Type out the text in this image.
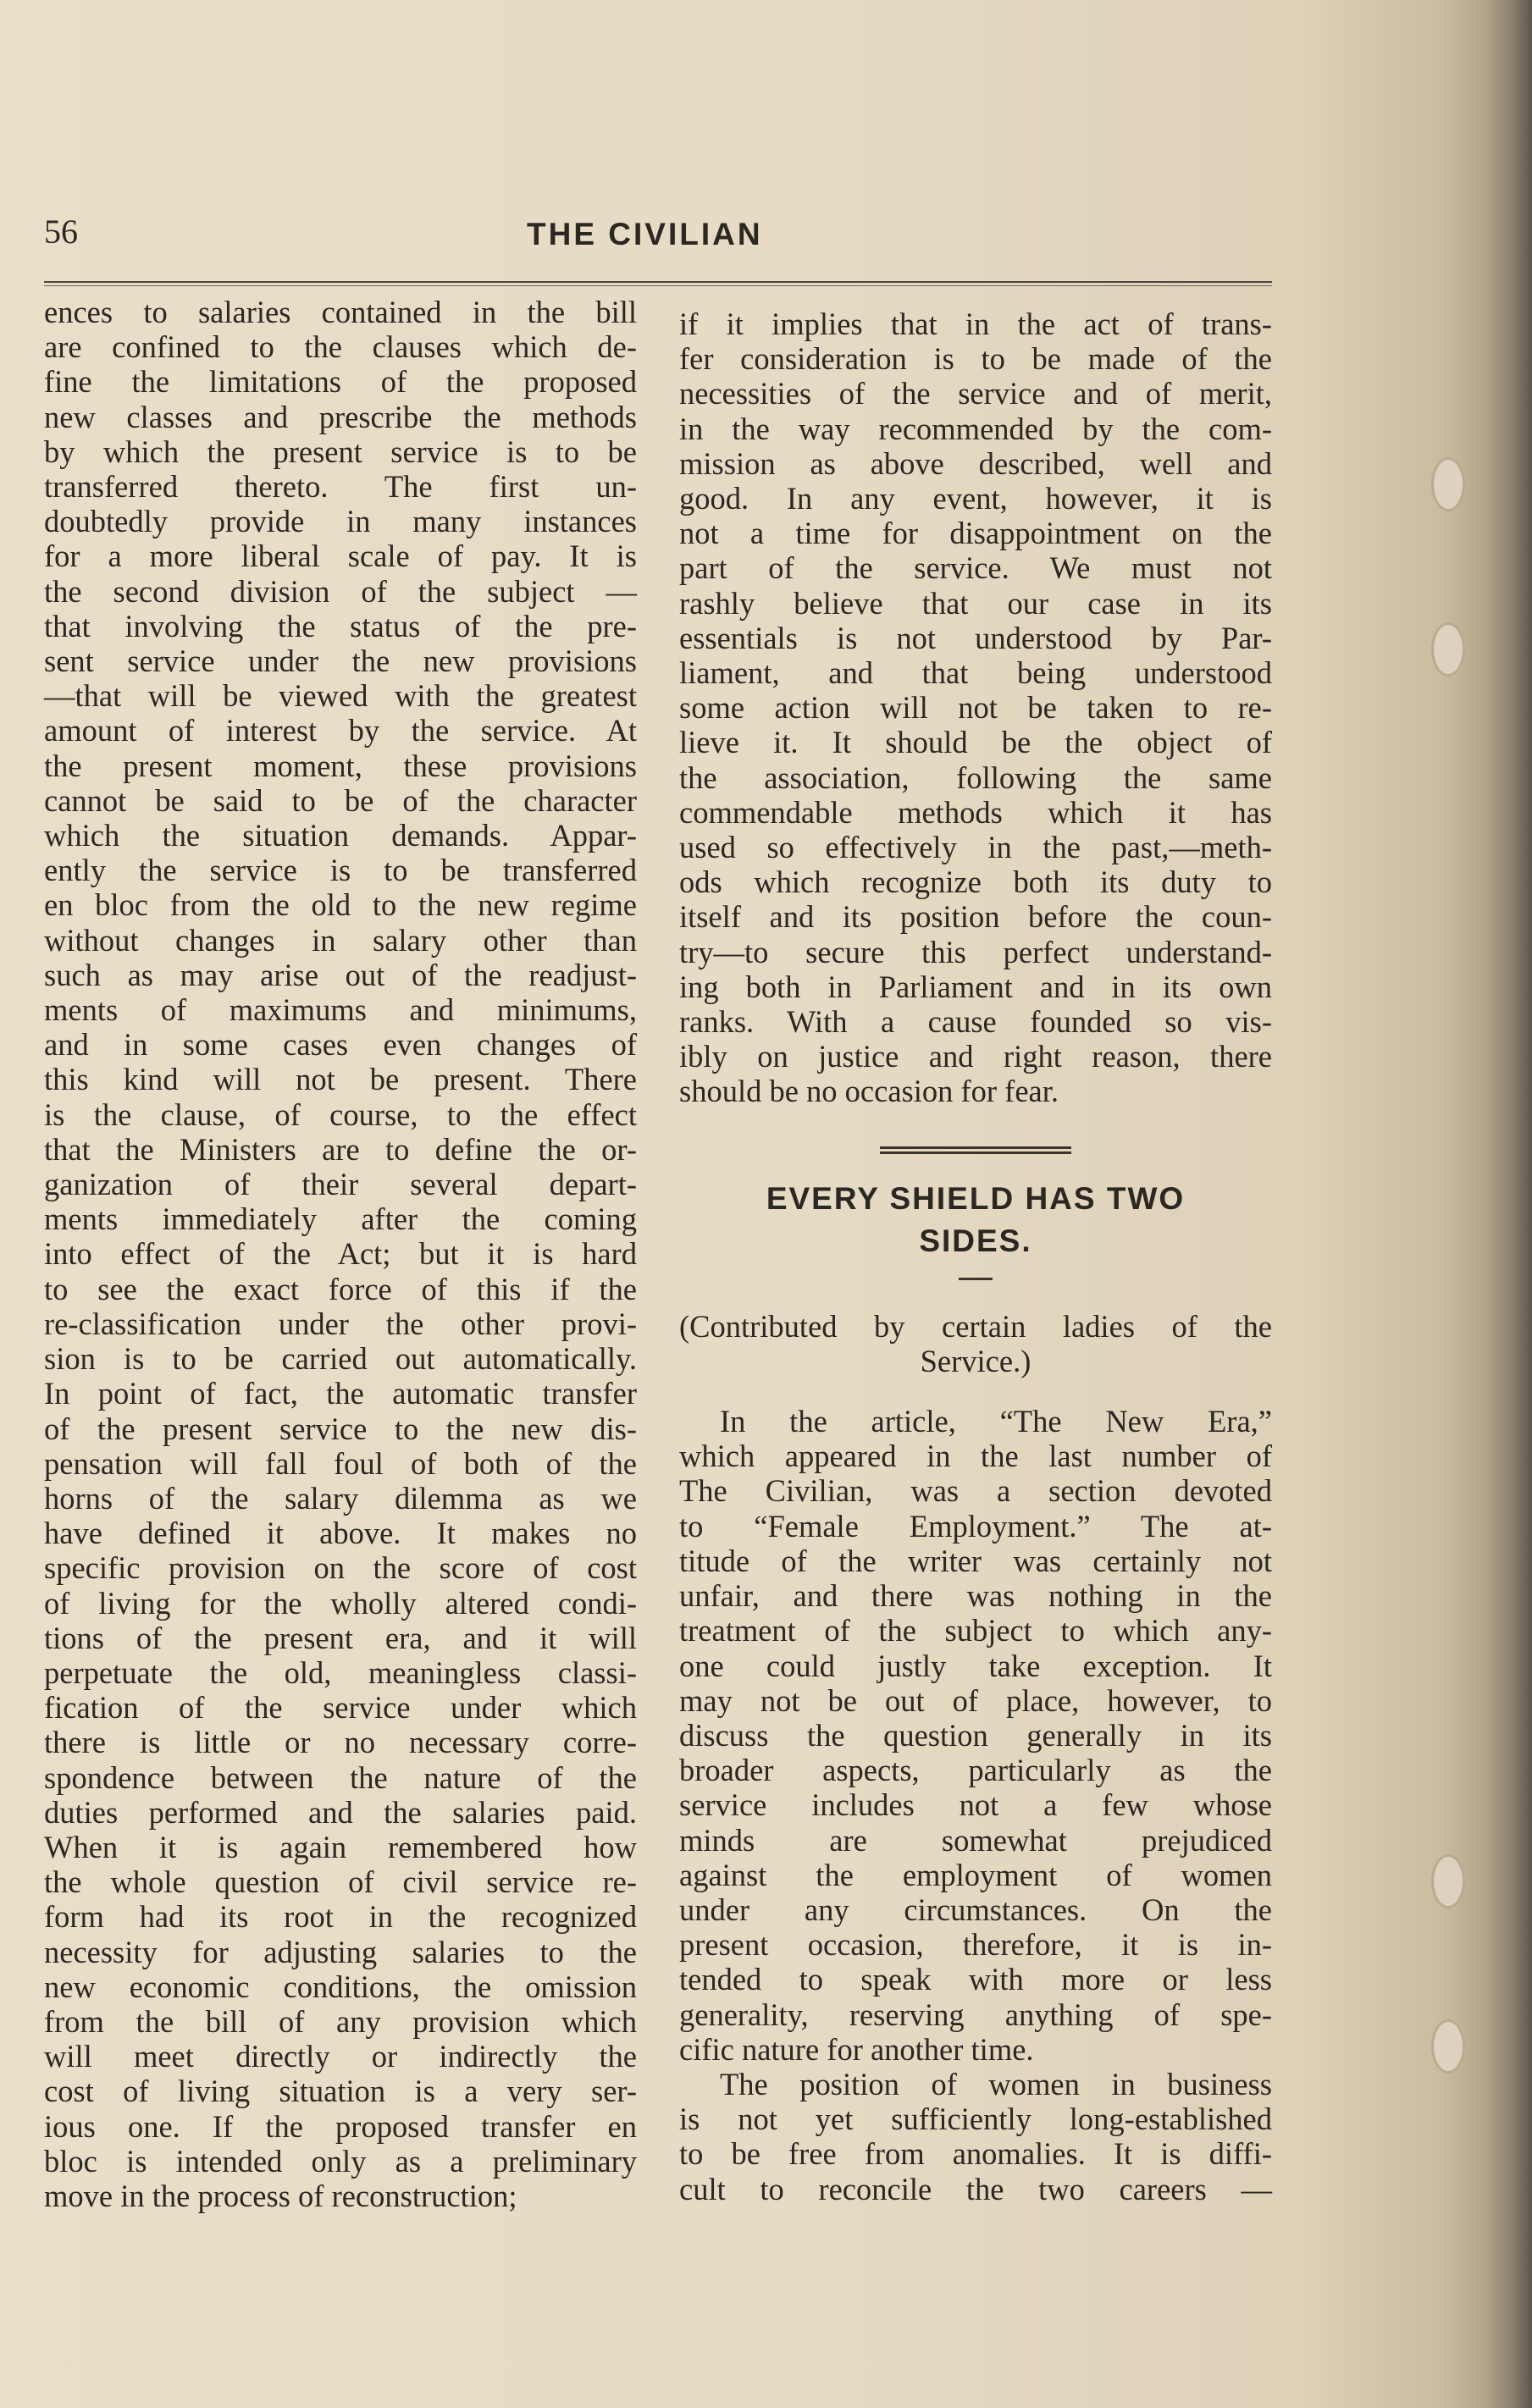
56	THE CIVILIAN
ences to salaries contained in the bill
are confined to the clauses which de-
fine the limitations of the proposed
new classes and prescribe the methods
by which the present service is to be
transferred thereto. The first un-
doubtedly provide in many instances
for a more liberal scale of pay. It is
the second division of the subject —
that involving the status of the pre-
sent service under the new provisions
—that will be viewed with the greatest
amount of interest by the service. At
the present moment, these provisions
cannot be said to be of the character
which the situation demands. Appar-
ently the service is to be transferred
en bloc from the old to the new regime
without changes in salary other than
such as may arise out of the readjust-
ments of maximums and minimums,
and in some cases even changes of
this kind will not be present. There
is the clause, of course, to the effect
that the Ministers are to define the or-
ganization of their several depart-
ments immediately after the coming
into effect of the Act; but it is hard
to see the exact force of this if the
re-classification under the other provi-
sion is to be carried out automatically.
In point of fact, the automatic transfer
of the present service to the new dis-
pensation will fall foul of both of the
horns of the salary dilemma as we
have defined it above. It makes no
specific provision on the score of cost
of living for the wholly altered condi-
tions of the present era, and it will
perpetuate the old, meaningless classi-
fication of the service under which
there is little or no necessary corre-
spondence between the nature of the
duties performed and the salaries paid.
When it is again remembered how
the whole question of civil service re-
form had its root in the recognized
necessity for adjusting salaries to the
new economic conditions, the omission
from the bill of any provision which
will meet directly or indirectly the
cost of living situation is a very ser-
ious one. If the proposed transfer en
bloc is intended only as a preliminary
move in the process of reconstruction;
if it implies that in the act of trans-
fer consideration is to be made of the
necessities of the service and of merit,
in the way recommended by the com-
mission as above described, well and
good. In any event, however, it is
not a time for disappointment on the
part of the service. We must not
rashly believe that our case in its
essentials is not understood by Par-
liament, and that being understood
some action will not be taken to re-
lieve it. It should be the object of
the association, following the same
commendable methods which it has
used so effectively in the past,—meth-
ods which recognize both its duty to
itself and its position before the coun-
try—to secure this perfect understand-
ing both in Parliament and in its own
ranks. With a cause founded so vis-
ibly on justice and right reason, there
should be no occasion for fear.
EVERY SHIELD HAS TWO
SIDES.
(Contributed by certain ladies of the
Service.)
In the article, “The New Era,”
which appeared in the last number of
The Civilian, was a section devoted
to “Female Employment.” The at-
titude of the writer was certainly not
unfair, and there was nothing in the
treatment of the subject to which any-
one could justly take exception. It
may not be out of place, however, to
discuss the question generally in its
broader aspects, particularly as the
service includes not a few whose
minds are somewhat prejudiced
against the employment of women
under any circumstances. On the
present occasion, therefore, it is in-
tended to speak with more or less
generality, reserving anything of spe-
cific nature for another time.
The position of women in business
is not yet sufficiently long-established
to be free from anomalies. It is diffi-
cult to reconcile the two careers —
